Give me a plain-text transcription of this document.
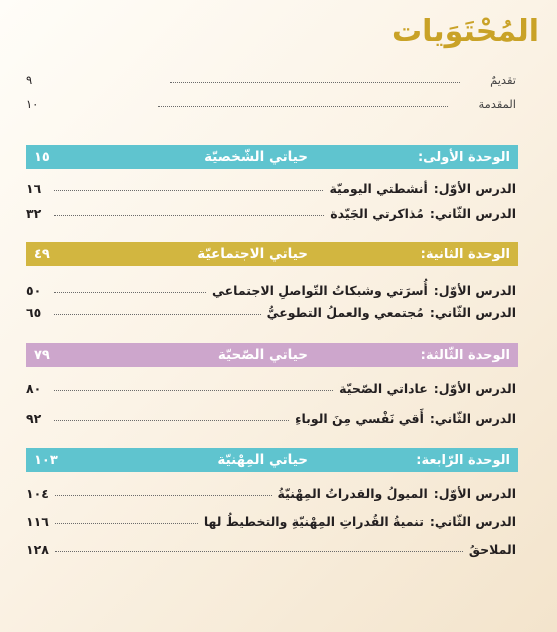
المُحْتَوَيات
تقديمٌ
٩
المقدمة
١٠
الوحدة الأولى:
حياتي الشّخصيّة
١٥
الدرس الأوّل:أنشطتي اليوميّة
١٦
الدرس الثّاني:مُذاكرتي الجَيّدة
٣٢
الوحدة الثانية:
حياتي الاجتماعيّة
٤٩
الدرس الأوّل:أُسرَتي وشبكاتُ التّواصلِ الاجتماعي
٥٠
الدرس الثّاني:مُجتمعي والعملُ التطوعيُّ
٦٥
الوحدة الثّالثة:
حياتي الصّحيّة
٧٩
الدرس الأوّل:عاداتي الصّحيّة
٨٠
الدرس الثّاني:أَقي نَفْسي مِنَ الوباءِ
٩٢
الوحدة الرّابعة:
حياتي المِهْنيّة
١٠٣
الدرس الأوّل:الميولُ والقدراتُ المِهْنيّةُ
١٠٤
الدرس الثّاني:تنميةُ القُدراتِ المِهْنيّةِ والتخطيطُ لها
١١٦
الملاحقُ
١٢٨
